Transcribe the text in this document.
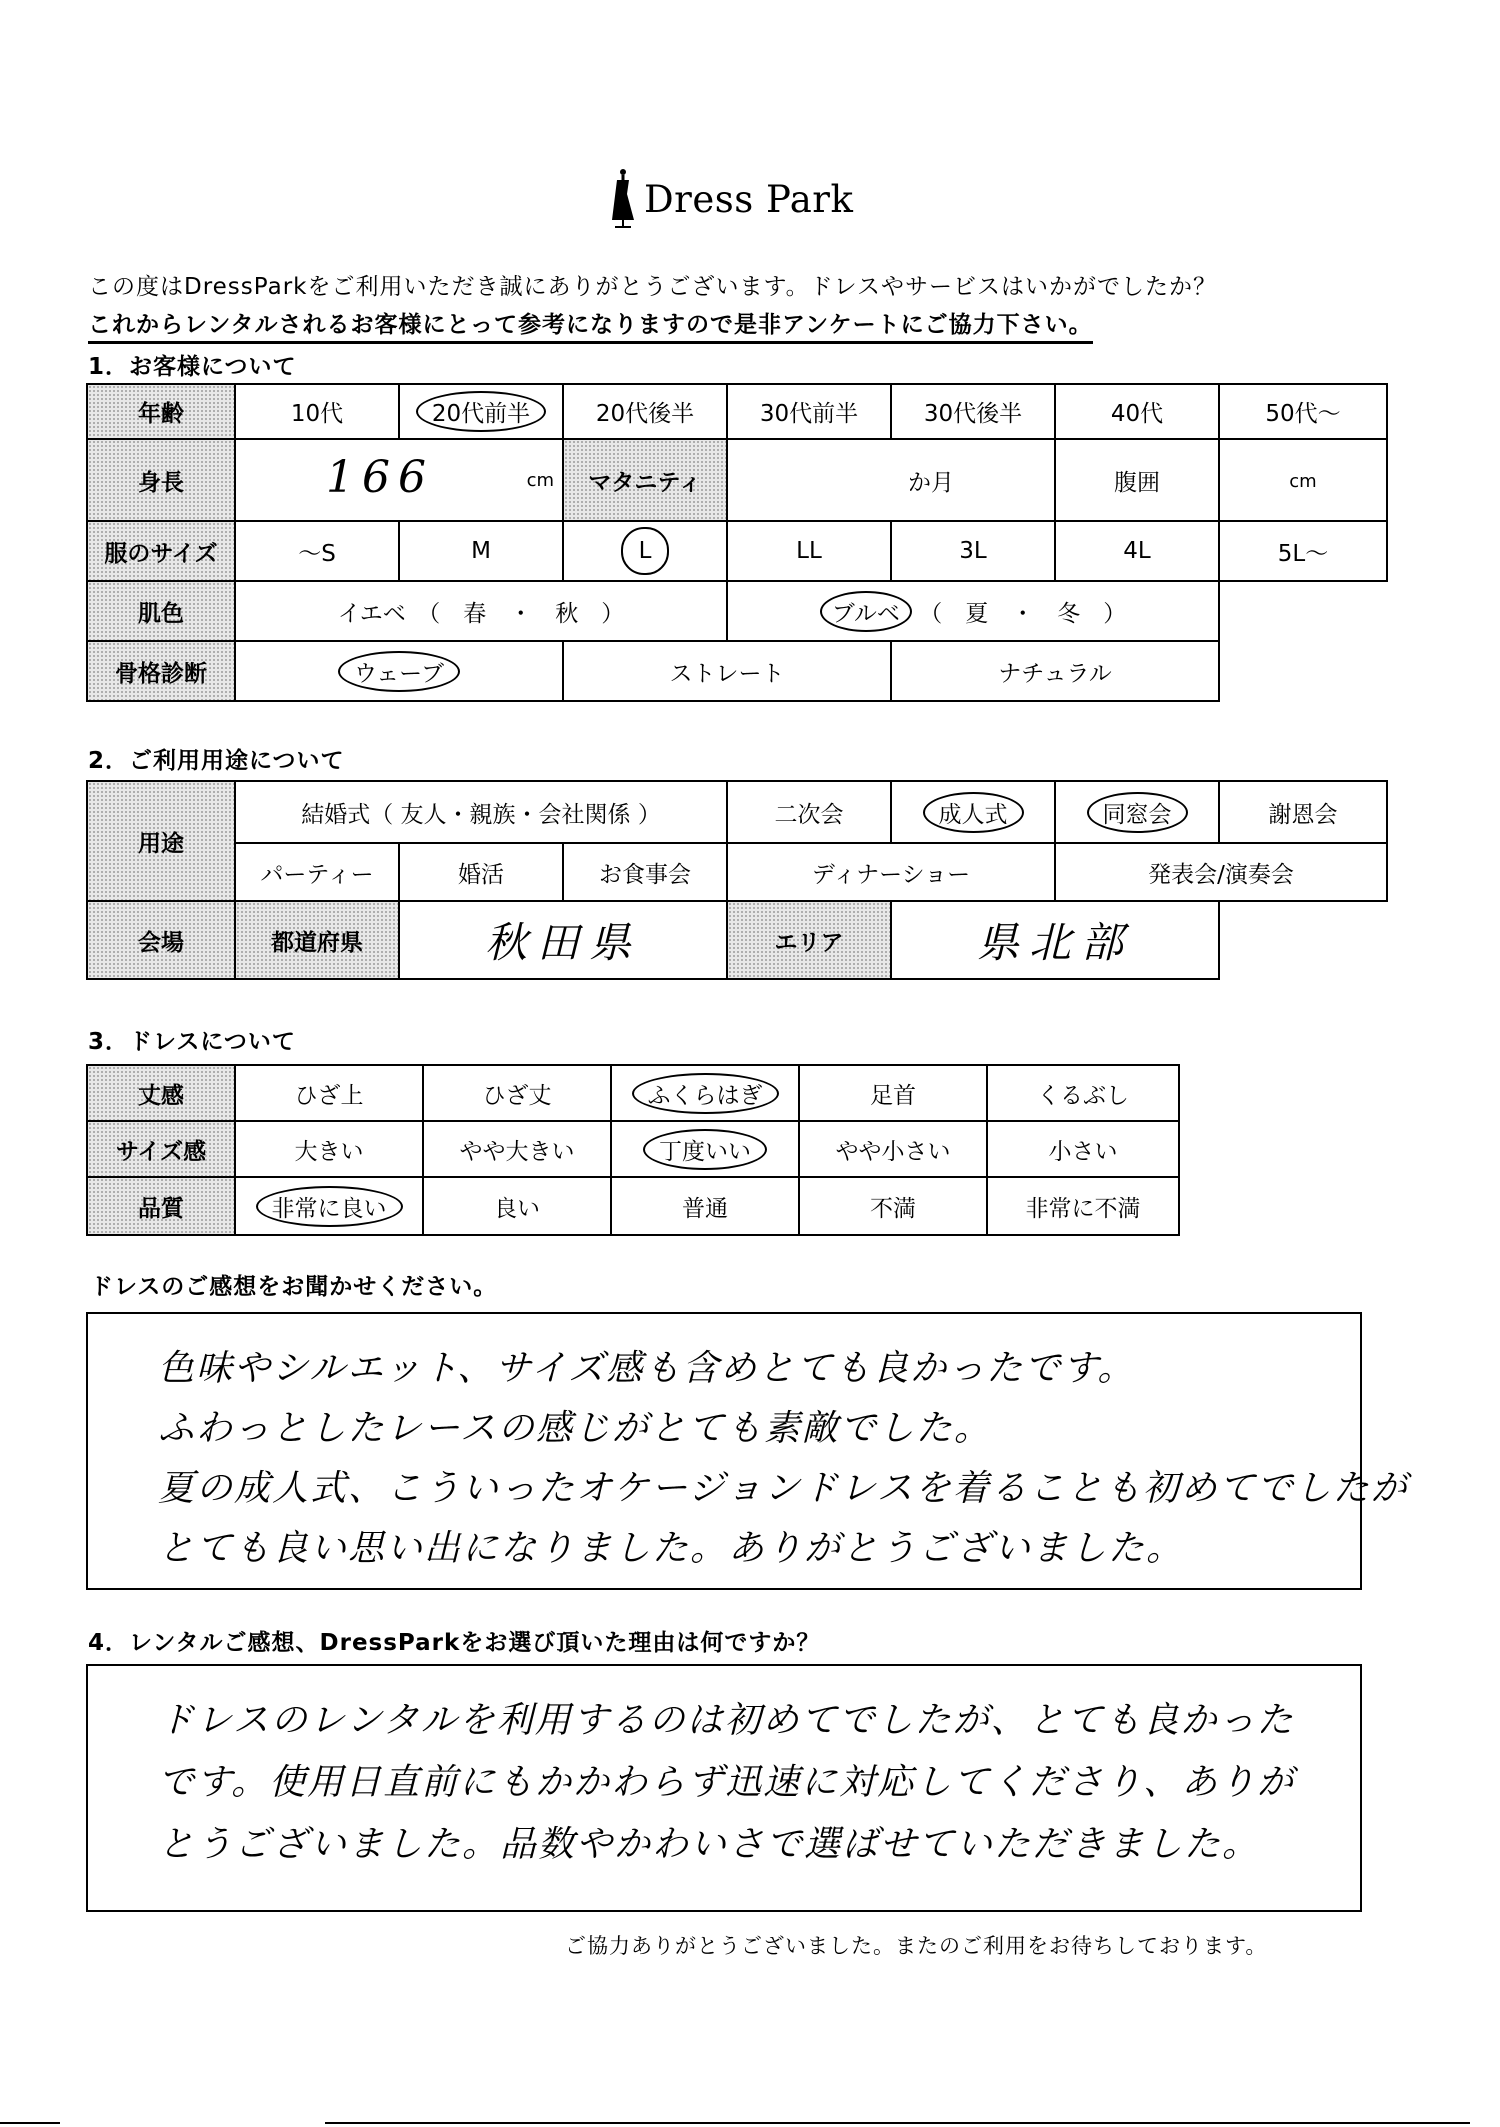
Dress Park
この度はDressParkをご利用いただき誠にありがとうございます。ドレスやサービスはいかがでしたか？
これからレンタルされるお客様にとって参考になりますので是非アンケートにご協力下さい。
1．お客様について
年齢	10代	20代前半	20代後半	30代前半	30代後半	40代	50代～
身長	166 cm		マタニティ	か月		腹囲	cm
服のサイズ	～S	M	L	LL	3L	4L	5L～
肌色	イエベ　（　春　・　秋　）			ブルベ （　夏　・　冬　）			
骨格診断	ウェーブ		ストレート		ナチュラル		
2．ご利用用途について
用途	結婚式（ 友人・親族・会社関係 ）			二次会	成人式	同窓会	謝恩会
	パーティー	婚活	お食事会	ディナーショー		発表会/演奏会	
会場	都道府県	秋田県		エリア	県北部		
3．ドレスについて
丈感	ひざ上	ひざ丈	ふくらはぎ	足首	くるぶし
サイズ感	大きい	やや大きい	丁度いい	やや小さい	小さい
品質	非常に良い	良い	普通	不満	非常に不満
ドレスのご感想をお聞かせください。
色味やシルエット、サイズ感も含めとても良かったです。
ふわっとしたレースの感じがとても素敵でした。
夏の成人式、こういったオケージョンドレスを着ることも初めてでしたが
とても良い思い出になりました。ありがとうございました。
4．レンタルご感想、DressParkをお選び頂いた理由は何ですか？
ドレスのレンタルを利用するのは初めてでしたが、とても良かった
です。使用日直前にもかかわらず迅速に対応してくださり、ありが
とうございました。品数やかわいさで選ばせていただきました。
ご協力ありがとうございました。またのご利用をお待ちしております。
